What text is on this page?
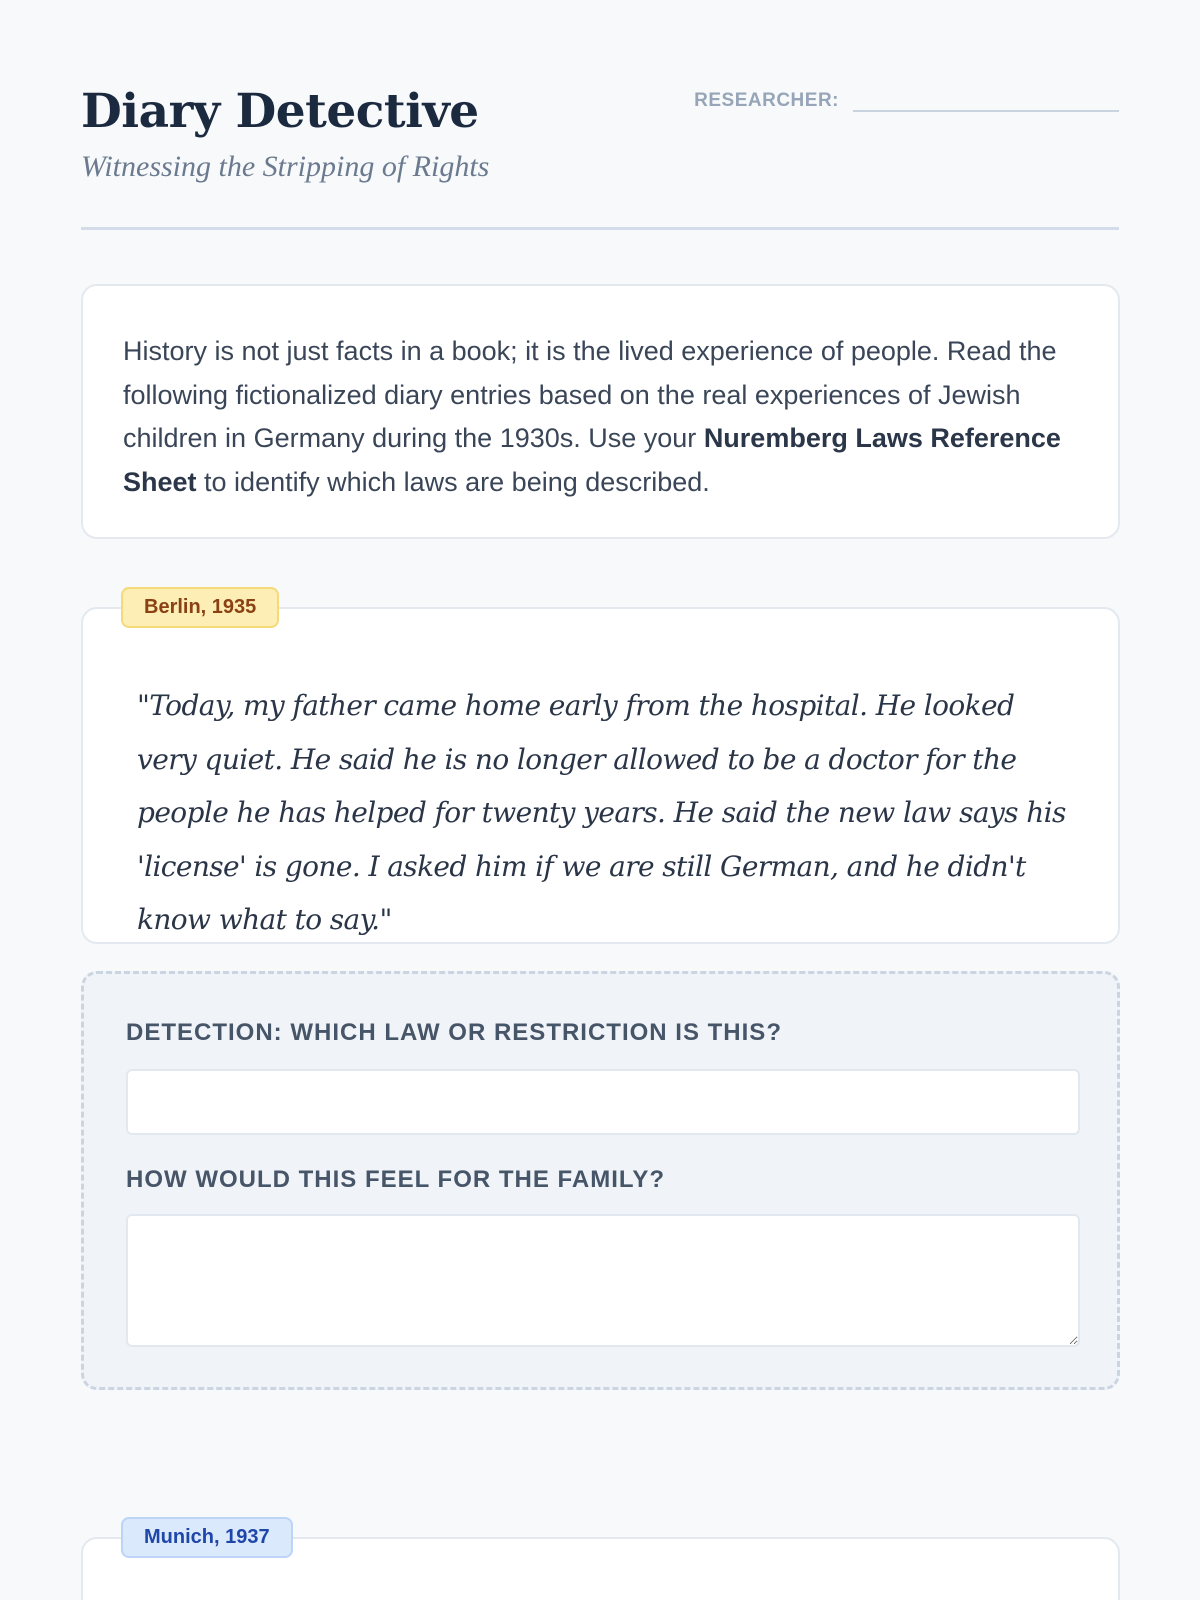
Diary Detective
Witnessing the Stripping of Rights
RESEARCHER:
History is not just facts in a book; it is the lived experience of people. Read the following fictionalized diary entries based on the real experiences of Jewish children in Germany during the 1930s. Use your Nuremberg Laws Reference Sheet to identify which laws are being described.
Berlin, 1935

"Today, my father came home early from the hospital. He looked very quiet. He said he is no longer allowed to be a doctor for the people he has helped for twenty years. He said the new law says his 'license' is gone. I asked him if we are still German, and he didn't know what to say."

DETECTION: WHICH LAW OR RESTRICTION IS THIS?
HOW WOULD THIS FEEL FOR THE FAMILY?
Munich, 1937
